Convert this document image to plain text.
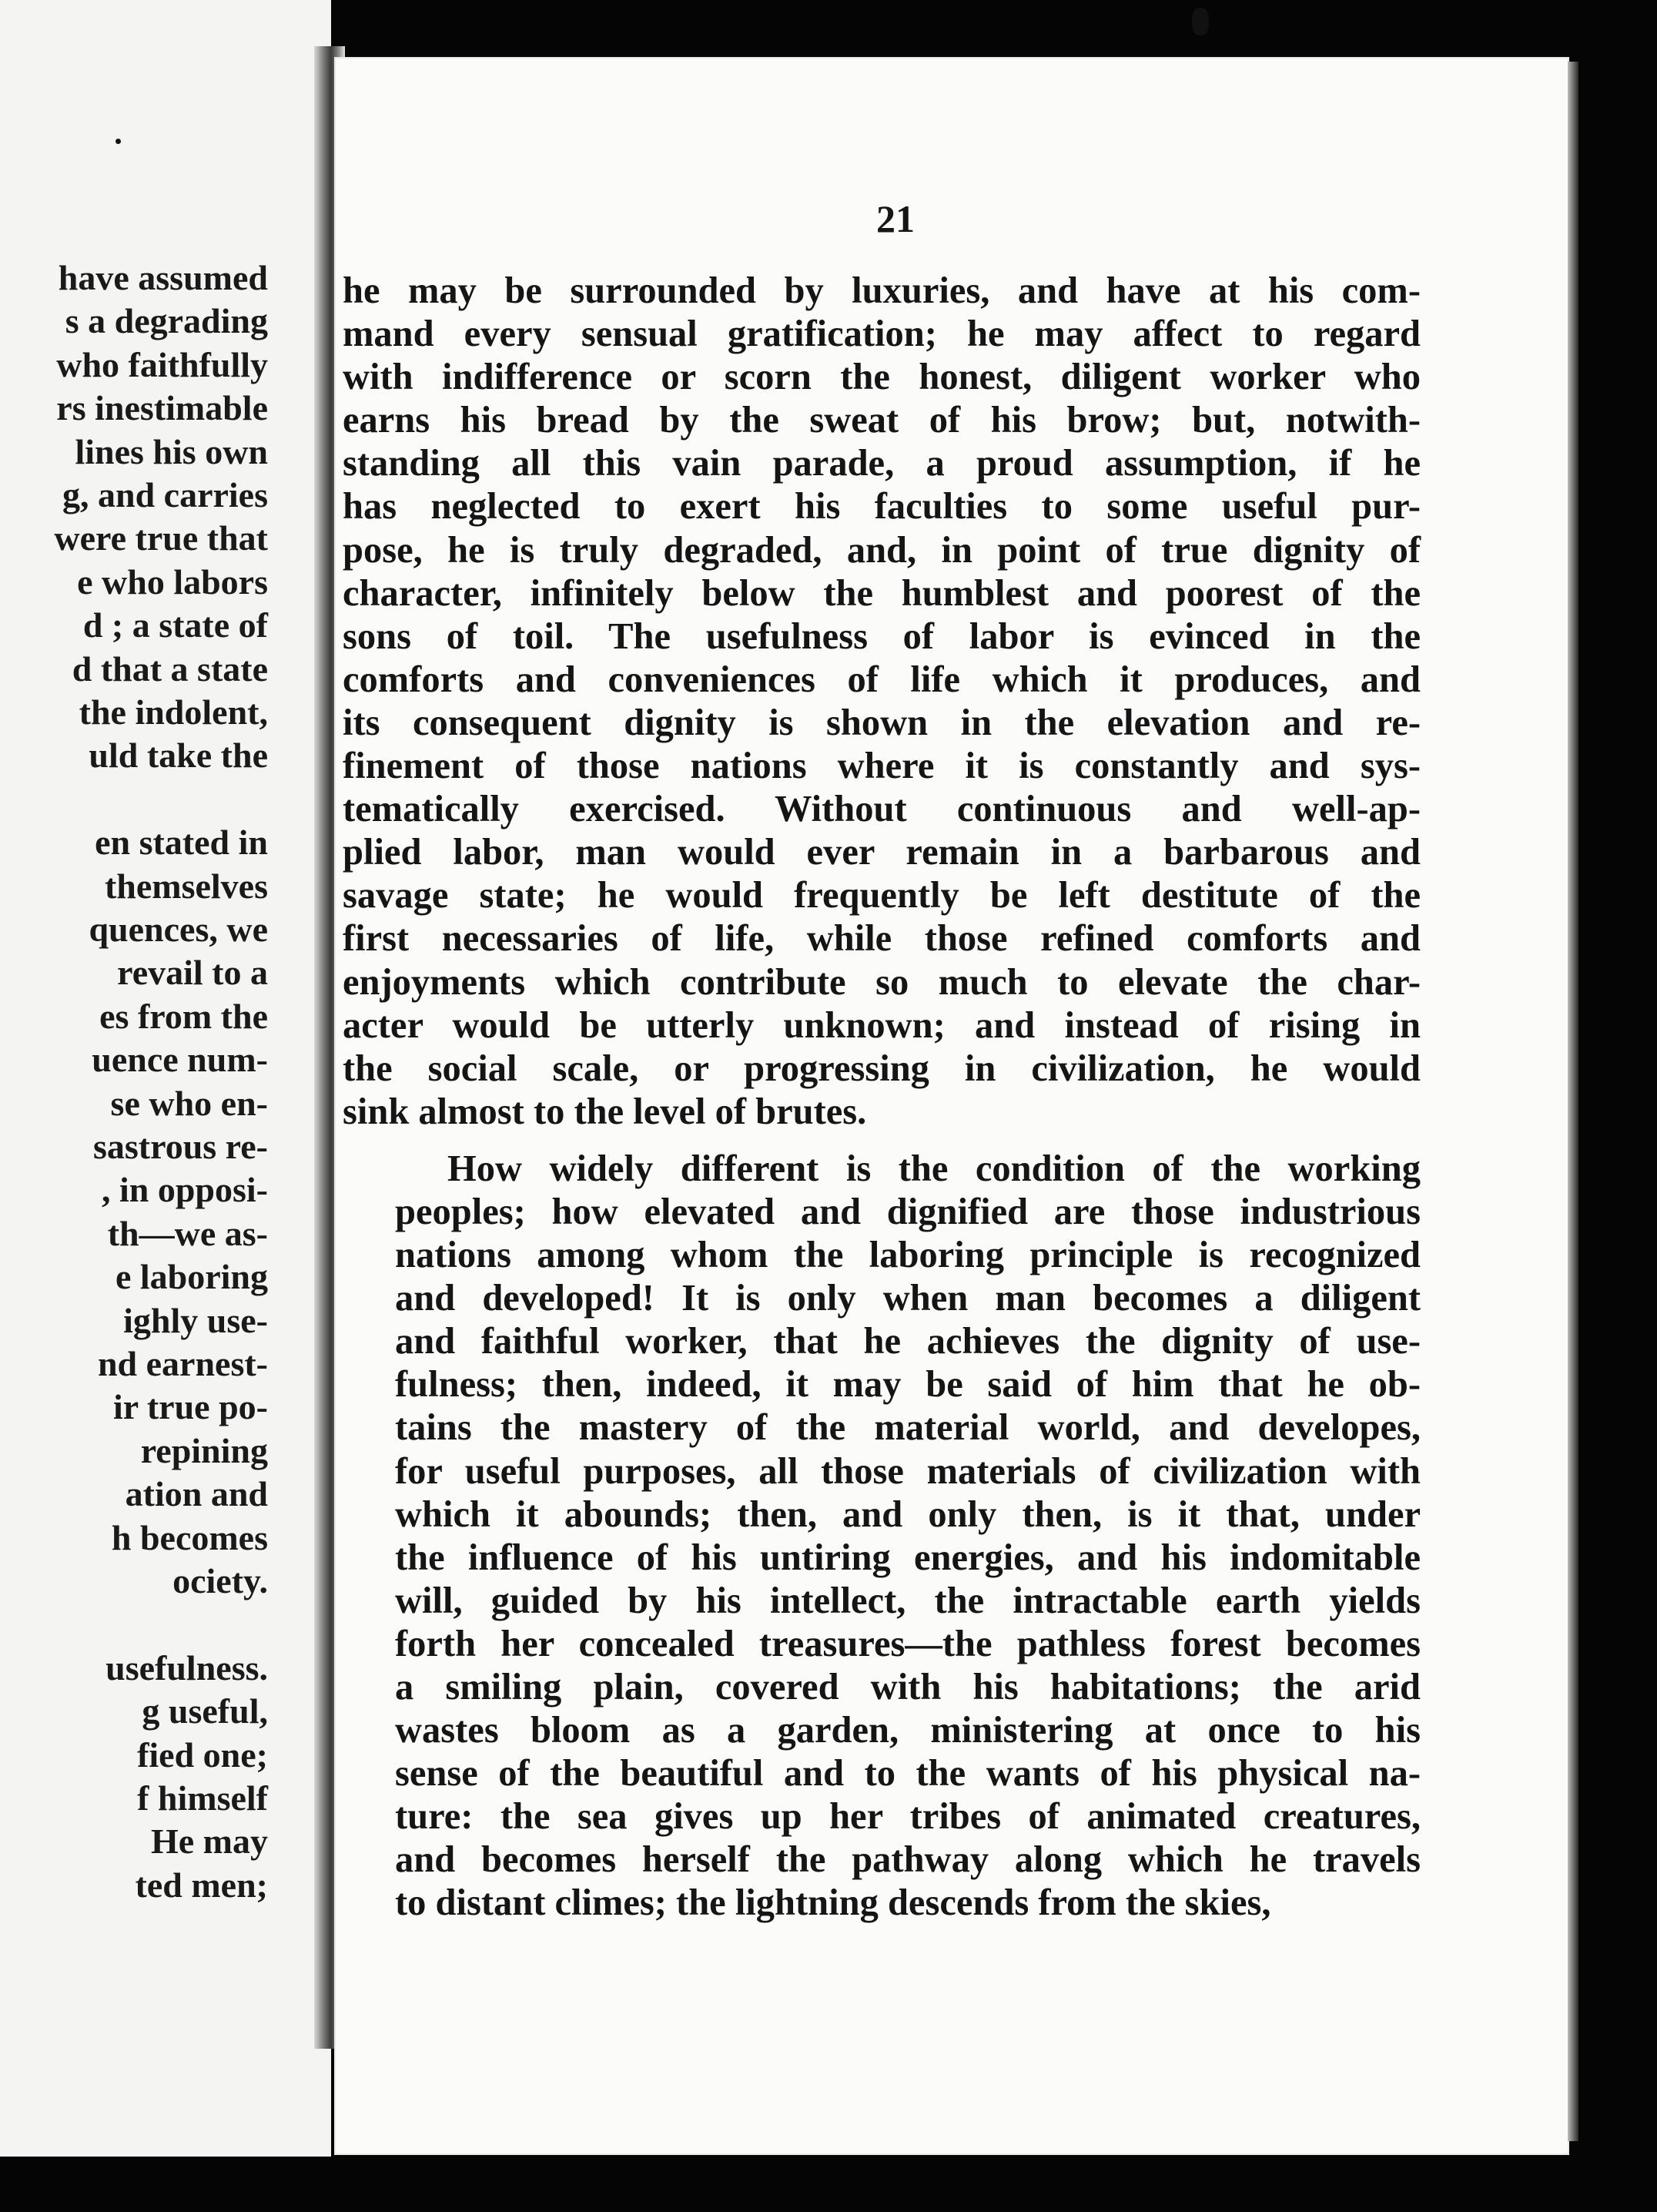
have assumed
s a degrading
who faithfully
rs inestimable
lines his own
g, and carries
were true that
e who labors
d ; a state of
d that a state
the indolent,
uld take the
en stated in
themselves
quences, we
revail to a
es from the
uence num-
se who en-
sastrous re-
, in opposi-
th—we as-
e laboring
ighly use-
nd earnest-
ir true po-
repining
ation and
h becomes
ociety.
usefulness.
g useful,
fied one;
f himself
He may
ted men;
21

he may be surrounded by luxuries, and have at his com-
mand every sensual gratification; he may affect to regard
with indifference or scorn the honest, diligent worker who
earns his bread by the sweat of his brow; but, notwith-
standing all this vain parade, a proud assumption, if he
has neglected to exert his faculties to some useful pur-
pose, he is truly degraded, and, in point of true dignity of
character, infinitely below the humblest and poorest of the
sons of toil. The usefulness of labor is evinced in the
comforts and conveniences of life which it produces, and
its consequent dignity is shown in the elevation and re-
finement of those nations where it is constantly and sys-
tematically exercised. Without continuous and well-ap-
plied labor, man would ever remain in a barbarous and
savage state; he would frequently be left destitute of the
first necessaries of life, while those refined comforts and
enjoyments which contribute so much to elevate the char-
acter would be utterly unknown; and instead of rising in
the social scale, or progressing in civilization, he would
sink almost to the level of brutes.

How widely different is the condition of the working
peoples; how elevated and dignified are those industrious
nations among whom the laboring principle is recognized
and developed! It is only when man becomes a diligent
and faithful worker, that he achieves the dignity of use-
fulness; then, indeed, it may be said of him that he ob-
tains the mastery of the material world, and developes,
for useful purposes, all those materials of civilization with
which it abounds; then, and only then, is it that, under
the influence of his untiring energies, and his indomitable
will, guided by his intellect, the intractable earth yields
forth her concealed treasures—the pathless forest becomes
a smiling plain, covered with his habitations; the arid
wastes bloom as a garden, ministering at once to his
sense of the beautiful and to the wants of his physical na-
ture: the sea gives up her tribes of animated creatures,
and becomes herself the pathway along which he travels
to distant climes; the lightning descends from the skies,
